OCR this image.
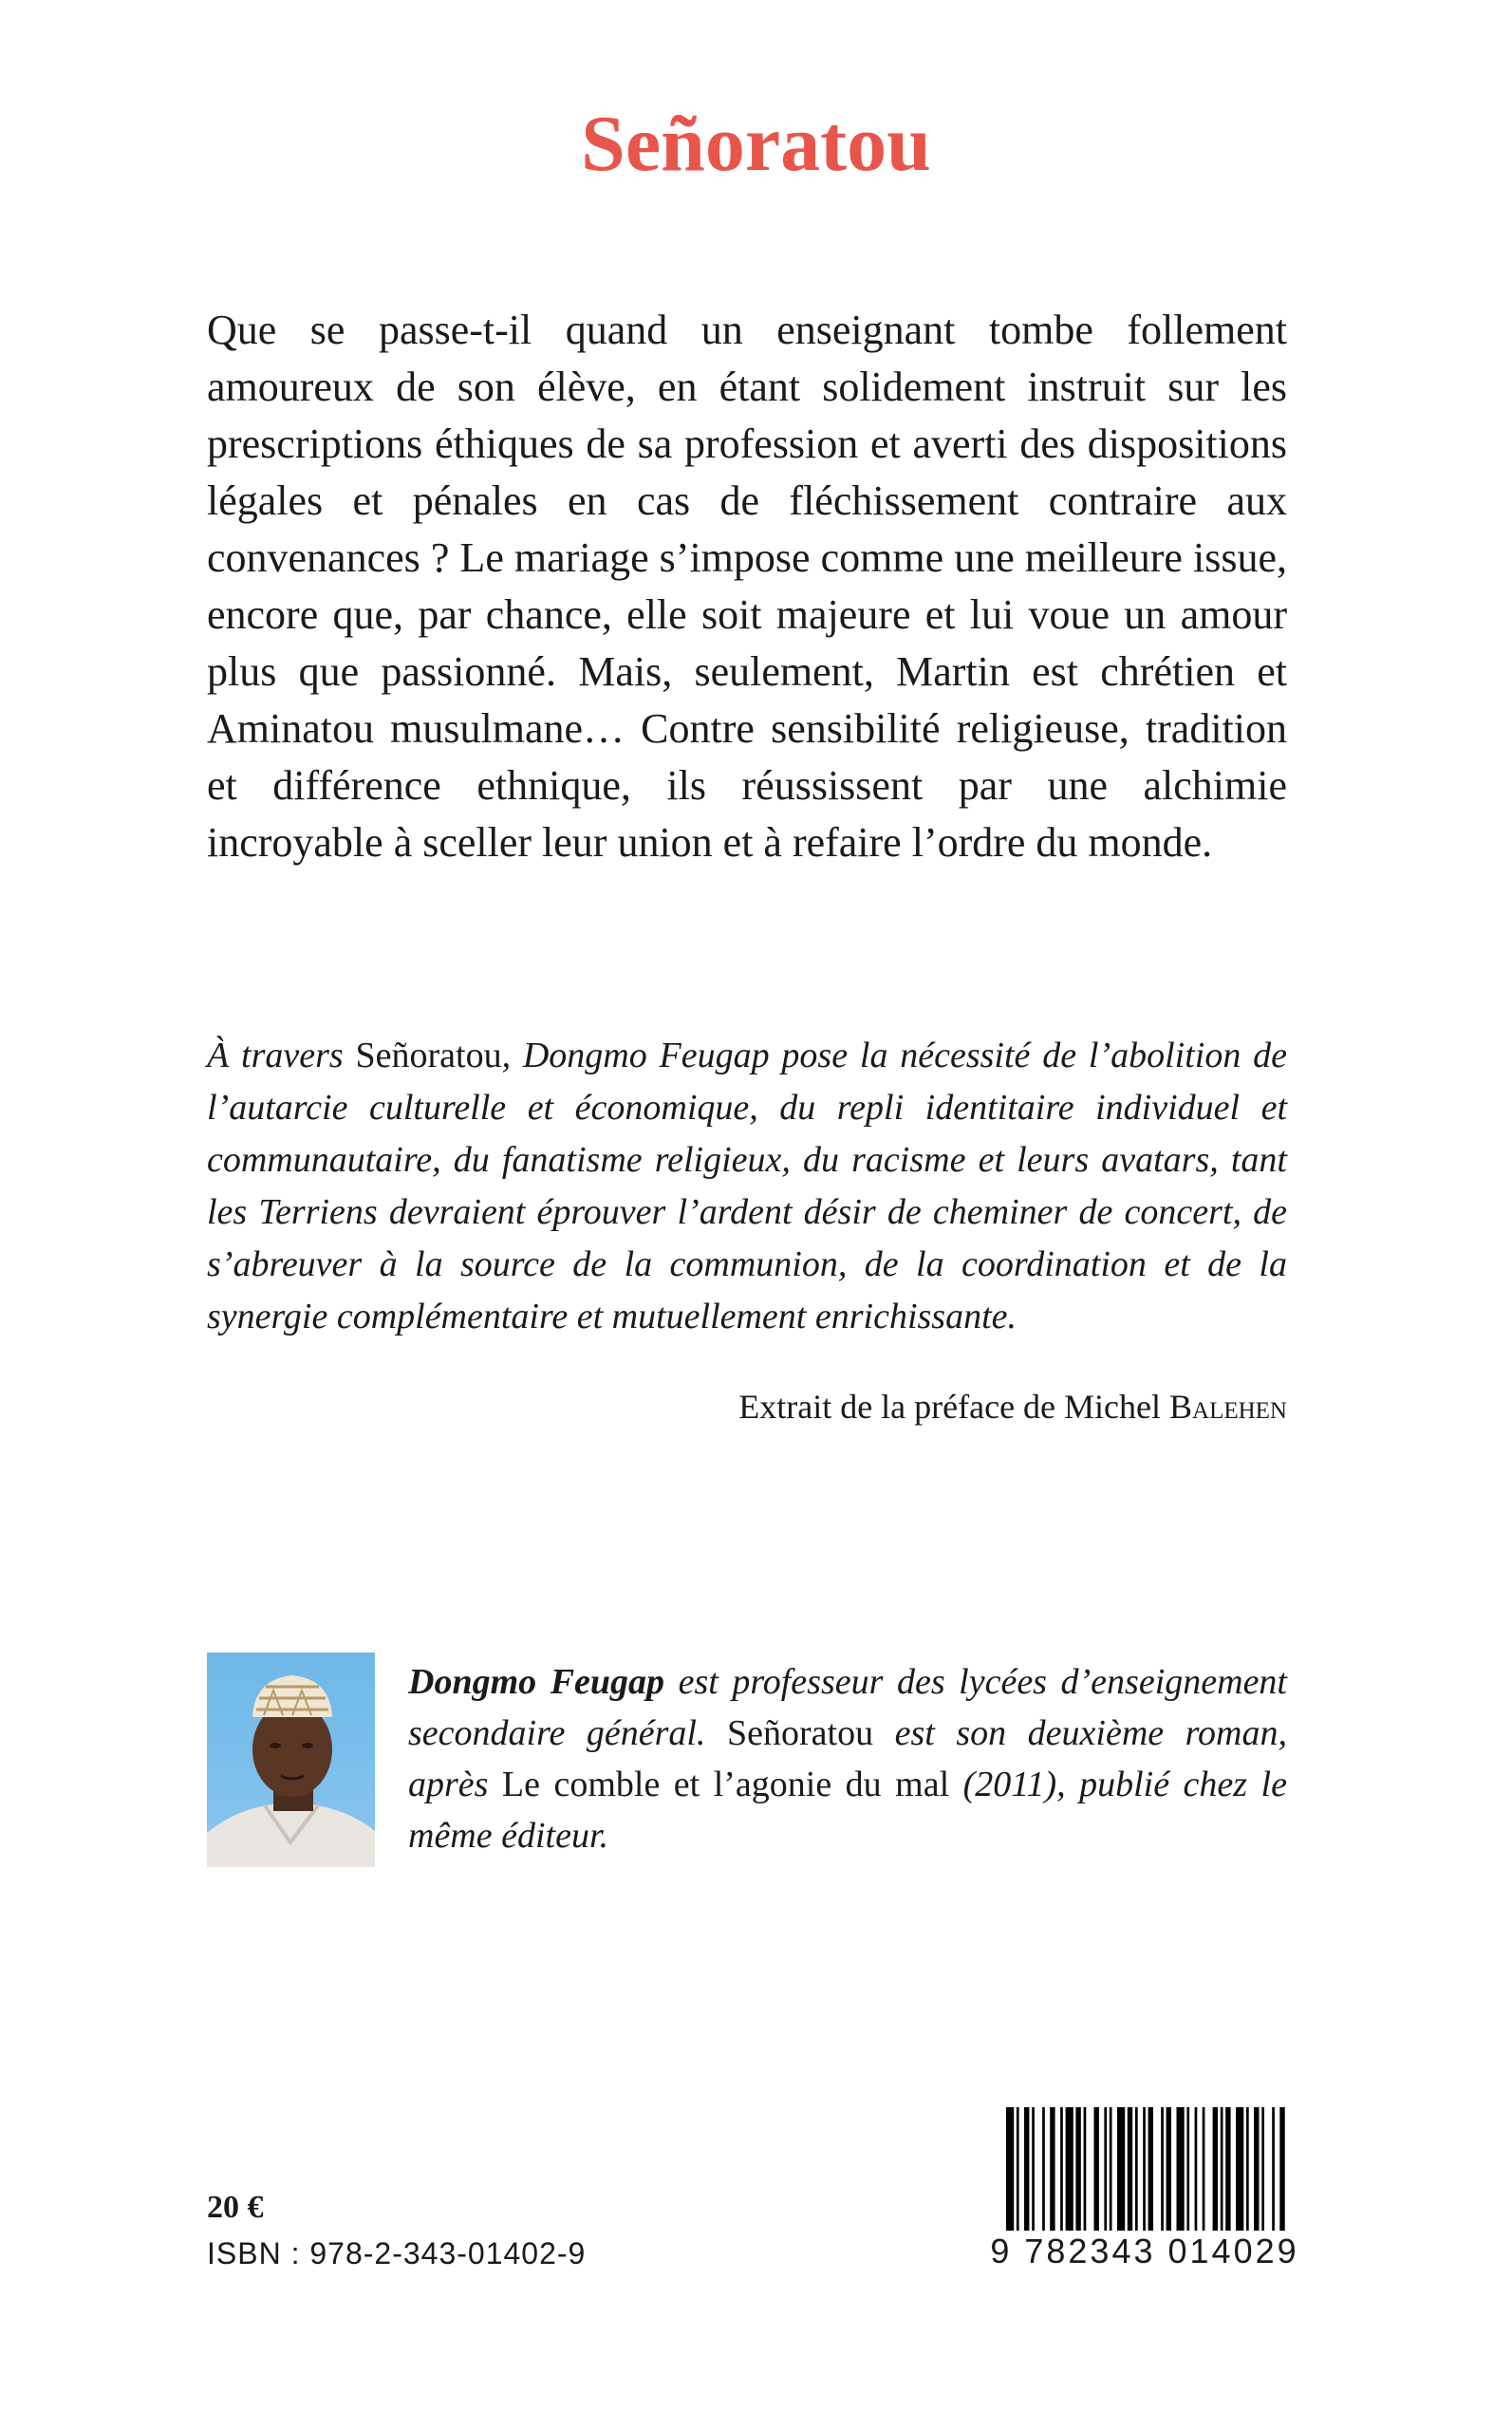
Señoratou

Que se passe-t-il quand un enseignant tombe follement amoureux de son élève, en étant solidement instruit sur les prescriptions éthiques de sa profession et averti des dispositions légales et pénales en cas de fléchissement contraire aux convenances ? Le mariage s’impose comme une meilleure issue, encore que, par chance, elle soit majeure et lui voue un amour plus que passionné. Mais, seulement, Martin est chrétien et Aminatou musulmane… Contre sensibilité religieuse, tradition et différence ethnique, ils réussissent par une alchimie incroyable à sceller leur union et à refaire l’ordre du monde.

À travers Señoratou, Dongmo Feugap pose la nécessité de l’abolition de l’autarcie culturelle et économique, du repli identitaire individuel et communautaire, du fanatisme religieux, du racisme et leurs avatars, tant les Terriens devraient éprouver l’ardent désir de cheminer de concert, de s’abreuver à la source de la communion, de la coordination et de la synergie complémentaire et mutuellement enrichissante.

Extrait de la préface de Michel Balehen

Dongmo Feugap est professeur des lycées d’enseignement secondaire général. Señoratou est son deuxième roman, après Le comble et l’agonie du mal (2011), publié chez le même éditeur.

20 €
ISBN : 978-2-343-01402-9	9 782343 014029
